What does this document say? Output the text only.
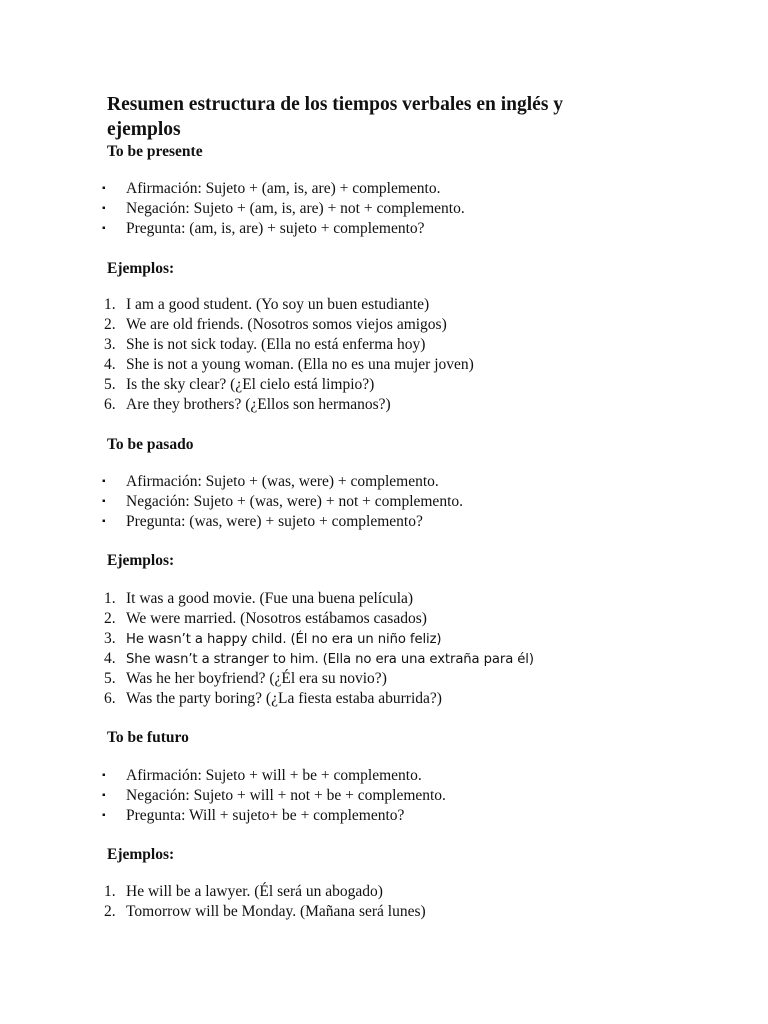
Resumen estructura de los tiempos verbales en inglés y ejemplos
To be presente
▪ Afirmación: Sujeto + (am, is, are) + complemento.
▪ Negación: Sujeto + (am, is, are) + not + complemento.
▪ Pregunta: (am, is, are) + sujeto + complemento?
Ejemplos:
1. I am a good student. (Yo soy un buen estudiante)
2. We are old friends. (Nosotros somos viejos amigos)
3. She is not sick today. (Ella no está enferma hoy)
4. She is not a young woman. (Ella no es una mujer joven)
5. Is the sky clear? (¿El cielo está limpio?)
6. Are they brothers? (¿Ellos son hermanos?)
To be pasado
▪ Afirmación: Sujeto + (was, were) + complemento.
▪ Negación: Sujeto + (was, were) + not + complemento.
▪ Pregunta: (was, were) + sujeto + complemento?
Ejemplos:
1. It was a good movie. (Fue una buena película)
2. We were married. (Nosotros estábamos casados)
3. He wasn’t a happy child. (Él no era un niño feliz)
4. She wasn’t a stranger to him. (Ella no era una extraña para él)
5. Was he her boyfriend? (¿Él era su novio?)
6. Was the party boring? (¿La fiesta estaba aburrida?)
To be futuro
▪ Afirmación: Sujeto + will + be + complemento.
▪ Negación: Sujeto + will + not + be + complemento.
▪ Pregunta: Will + sujeto+ be + complemento?
Ejemplos:
1. He will be a lawyer. (Él será un abogado)
2. Tomorrow will be Monday. (Mañana será lunes)
